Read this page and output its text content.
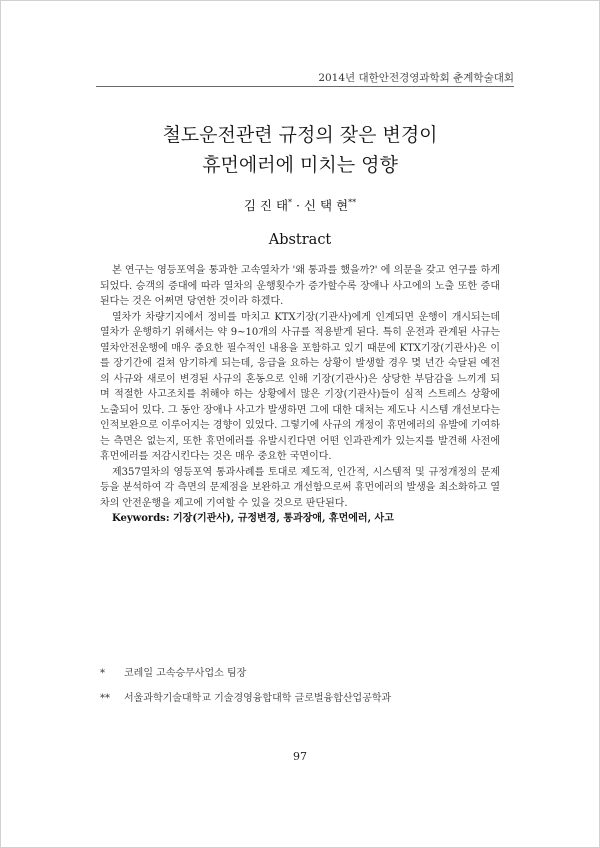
2014년 대한안전경영과학회 춘계학술대회
철도운전관련 규정의 잦은 변경이
휴먼에러에 미치는 영향
김 진 태* · 신 택 현**
Abstract

본 연구는 영등포역을 통과한 고속열차가 '왜 통과를 했을까?' 에 의문을 갖고 연구를 하게 되었다. 승객의 증대에 따라 열차의 운행횟수가 증가할수록 장애나 사고에의 노출 또한 증대된다는 것은 어쩌면 당연한 것이라 하겠다.

열차가 차량기지에서 정비를 마치고 KTX기장(기관사)에게 인계되면 운행이 개시되는데 열차가 운행하기 위해서는 약 9~10개의 사규를 적용받게 된다. 특히 운전과 관계된 사규는 열차안전운행에 매우 중요한 필수적인 내용을 포함하고 있기 때문에 KTX기장(기관사)은 이를 장기간에 걸쳐 암기하게 되는데, 응급을 요하는 상황이 발생할 경우 몇 년간 숙달된 예전의 사규와 새로이 변경된 사규의 혼동으로 인해 기장(기관사)은 상당한 부담감을 느끼게 되며 적절한 사고조치를 취해야 하는 상황에서 많은 기장(기관사)들이 심적 스트레스 상황에 노출되어 있다. 그 동안 장애나 사고가 발생하면 그에 대한 대처는 제도나 시스템 개선보다는 인적보완으로 이루어지는 경향이 있었다. 그렇기에 사규의 개정이 휴먼에러의 유발에 기여하는 측면은 없는지, 또한 휴먼에러를 유발시킨다면 어떤 인과관계가 있는지를 발견해 사전에 휴먼에러를 저감시킨다는 것은 매우 중요한 국면이다.

제357열차의 영등포역 통과사례를 토대로 제도적, 인간적, 시스템적 및 규정개정의 문제 등을 분석하여 각 측면의 문제점을 보완하고 개선함으로써 휴먼에러의 발생을 최소화하고 열차의 안전운행을 제고에 기여할 수 있을 것으로 판단된다.

Keywords: 기장(기관사), 규정변경, 통과장애, 휴먼에러, 사고

* 코레일 고속승무사업소 팀장

** 서울과학기술대학교 기술경영융합대학 글로벌융합산업공학과

97
